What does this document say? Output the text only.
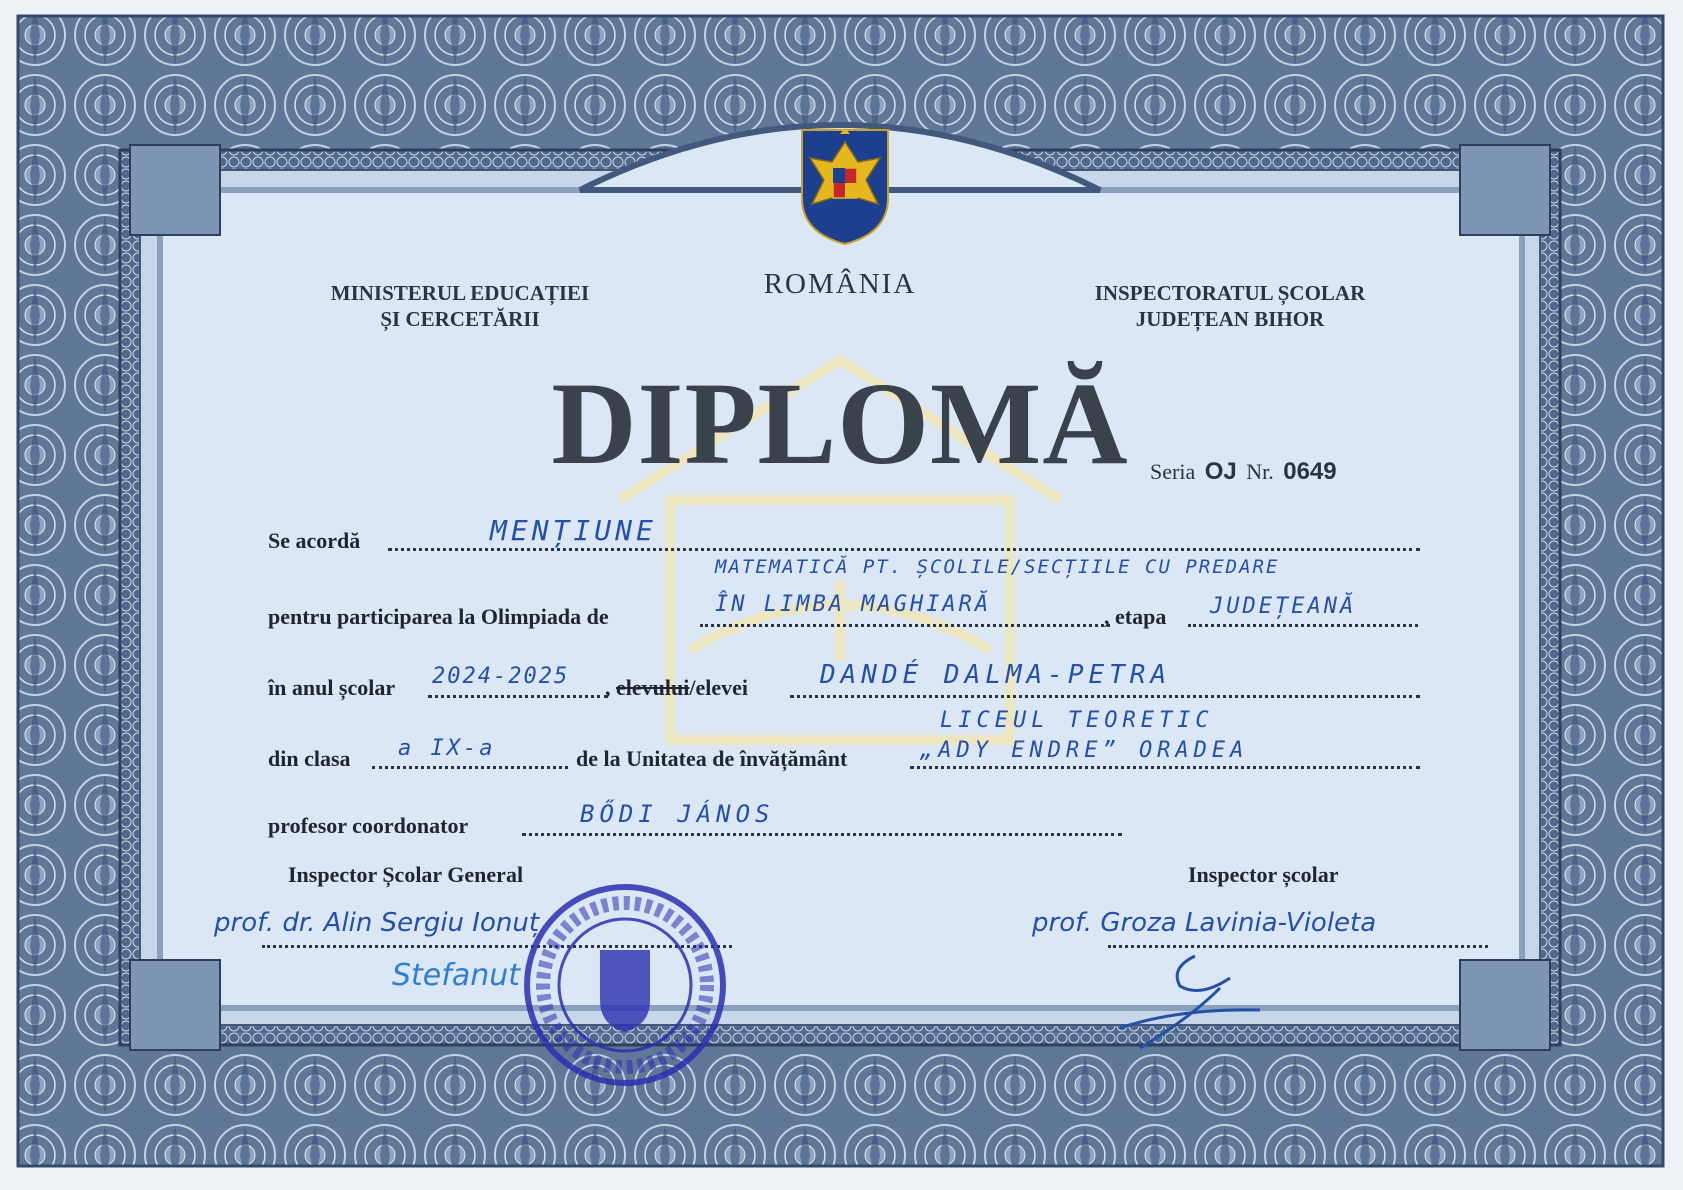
ROMÂNIA
MINISTERUL EDUCAȚIEI
ȘI CERCETĂRII
INSPECTORATUL ȘCOLAR
JUDEȚEAN BIHOR
DIPLOMĂ Seria OJ Nr. 0649
Se acordă	MENȚIUNE
MATEMATICĂ PT. ȘCOLILE/SECȚIILE CU PREDARE
pentru participarea la Olimpiada de	ÎN LIMBA MAGHIARĂ	, etapa JUDEȚEANĂ
în anul școlar 2024-2025 , elevului/elevei	DANDÉ DALMA-PETRA
LICEUL TEORETIC
din clasa a IX-a	de la Unitatea de învățământ	„ADY ENDRE” ORADEA
profesor coordonator	BŐDI JÁNOS
Inspector Școlar General	Inspector școlar
prof. dr. Alin Sergiu Ionuț
Stefanut
prof. Groza Lavinia-Violeta
